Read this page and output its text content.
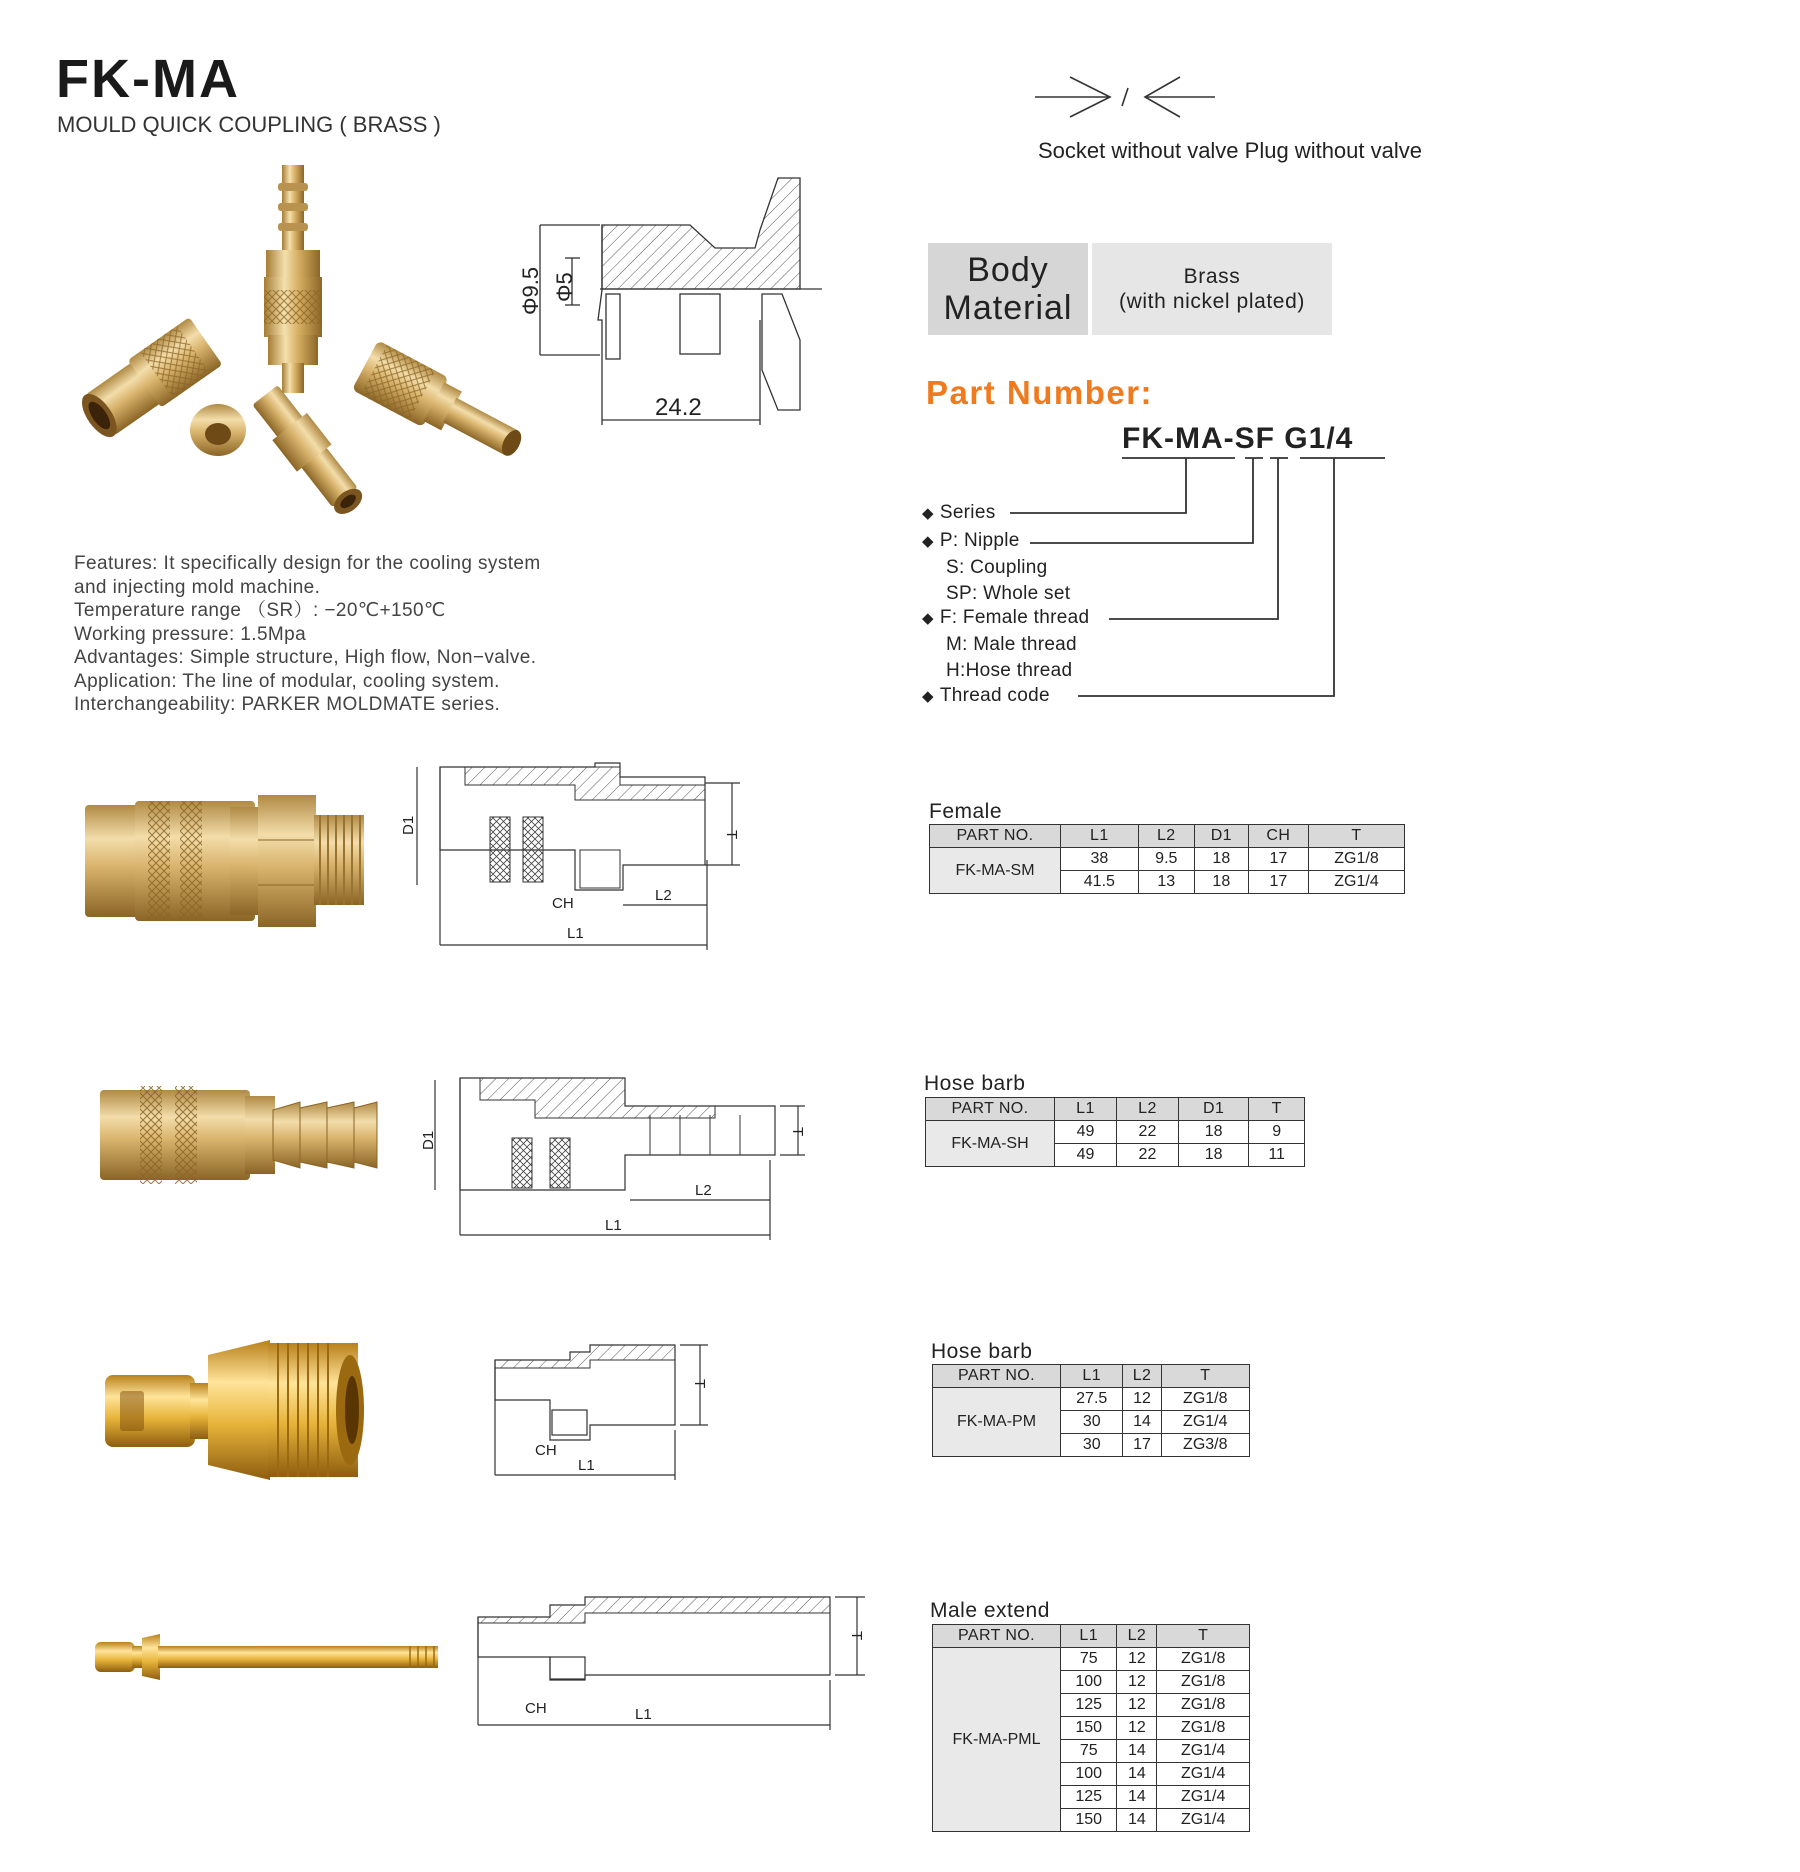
FK-MA
MOULD QUICK COUPLING ( BRASS )
Socket without valve Plug without valve
Body
Material
Brass
(with nickel plated)
Part Number:
FK-MA-SF G1/4
◆ Series
◆ P: Nipple
S: Coupling
SP: Whole set
◆ F: Female thread
M: Male thread
H:Hose thread
◆ Thread code
Φ9.5 Φ5
24.2
Features: It specifically design for the cooling system
and injecting mold machine.
Temperature range （SR）: −20℃+150℃
Working pressure: 1.5Mpa
Advantages: Simple structure, High flow, Non−valve.
Application: The line of modular, cooling system.
Interchangeability: PARKER MOLDMATE series.
D1	T
CH	L2
L1
Female
PART NO.	L1	L2	D1	CH	T
FK-MA-SM	38	9.5	18	17	ZG1/8
	41.5	13	18	17	ZG1/4
D1	T
L2
L1
Hose barb
PART NO.	L1	L2	D1	T
FK-MA-SH	49	22	18	9
	49	22	18	11
T
CH
L1
Hose barb
PART NO.	L1	L2	T
FK-MA-PM	27.5	12	ZG1/8
	30	14	ZG1/4
	30	17	ZG3/8
T
CH	L1
Male extend
PART NO.	L1	L2	T
FK-MA-PML	75	12	ZG1/8
	100	12	ZG1/8
	125	12	ZG1/8
	150	12	ZG1/8
	75	14	ZG1/4
	100	14	ZG1/4
	125	14	ZG1/4
	150	14	ZG1/4
